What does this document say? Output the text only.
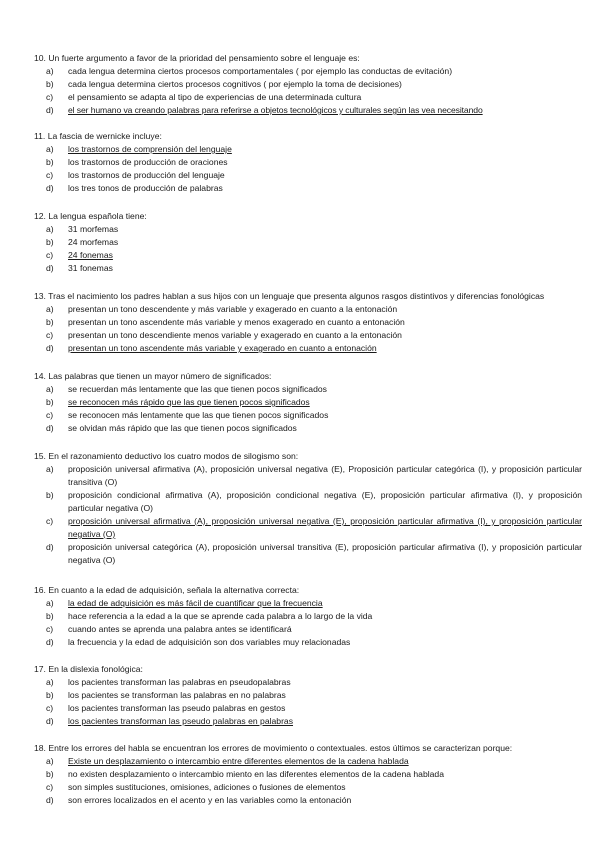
10. Un fuerte argumento a favor de la prioridad del pensamiento sobre el lenguaje es:

a) cada lengua determina ciertos procesos comportamentales ( por ejemplo las conductas de evitación)
b) cada lengua determina ciertos procesos cognitivos ( por ejemplo la toma de decisiones)
c) el pensamiento se adapta al tipo de experiencias de una determinada cultura
d) el ser humano va creando palabras para referirse a objetos tecnológicos y culturales según las vea necesitando

11. La fascia de wernicke incluye:

a) los trastornos de comprensión del lenguaje
b) los trastornos de producción de oraciones
c) los trastornos de producción del lenguaje
d) los tres tonos de producción de palabras

12. La lengua española tiene:

a) 31 morfemas
b) 24 morfemas
c) 24 fonemas
d) 31 fonemas

13. Tras el nacimiento los padres hablan a sus hijos con un lenguaje que presenta algunos rasgos distintivos y diferencias fonológicas

a) presentan un tono descendente y más variable y exagerado en cuanto a la entonación
b) presentan un tono ascendente más variable y menos exagerado en cuanto a entonación
c) presentan un tono descendiente menos variable y exagerado en cuanto a la entonación
d) presentan un tono ascendente más variable y exagerado en cuanto a entonación

14. Las palabras que tienen un mayor número de significados:

a) se recuerdan más lentamente que las que tienen pocos significados
b) se reconocen más rápido que las que tienen pocos significados
c) se reconocen más lentamente que las que tienen pocos significados
d) se olvidan más rápido que las que tienen pocos significados

15. En el razonamiento deductivo los cuatro modos de silogismo son:

a) proposición universal afirmativa (A), proposición universal negativa (E), Proposición particular categórica (I), y proposición particular transitiva (O)
b) proposición condicional afirmativa (A), proposición condicional negativa (E), proposición particular afirmativa (I), y proposición particular negativa (O)
c) proposición universal afirmativa (A), proposición universal negativa (E), proposición particular afirmativa (I), y proposición particular negativa (O)
d) proposición universal categórica (A), proposición universal transitiva (E), proposición particular afirmativa (I), y proposición particular negativa (O)

16. En cuanto a la edad de adquisición, señala la alternativa correcta:

a) la edad de adquisición es más fácil de cuantificar que la frecuencia
b) hace referencia a la edad a la que se aprende cada palabra a lo largo de la vida
c) cuando antes se aprenda una palabra antes se identificará
d) la frecuencia y la edad de adquisición son dos variables muy relacionadas

17. En la dislexia fonológica:

a) los pacientes transforman las palabras en pseudopalabras
b) los pacientes se transforman las palabras en no palabras
c) los pacientes transforman las pseudo palabras en gestos
d) los pacientes transforman las pseudo palabras en palabras

18. Entre los errores del habla se encuentran los errores de movimiento o contextuales. estos últimos se caracterizan porque:

a) Existe un desplazamiento o intercambio entre diferentes elementos de la cadena hablada
b) no existen desplazamiento o intercambio miento en las diferentes elementos de la cadena hablada
c) son simples sustituciones, omisiones, adiciones o fusiones de elementos
d) son errores localizados en el acento y en las variables como la entonación
